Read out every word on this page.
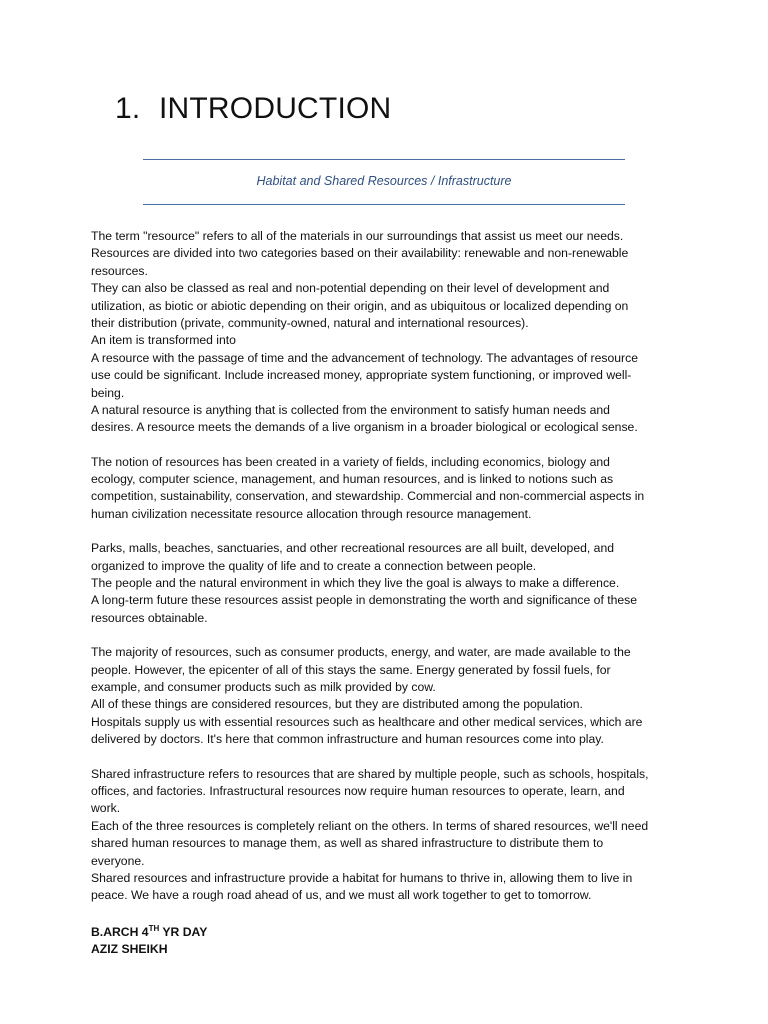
1. INTRODUCTION
Habitat and Shared Resources / Infrastructure
The term "resource" refers to all of the materials in our surroundings that assist us meet our needs.
Resources are divided into two categories based on their availability: renewable and non-renewable
resources.
They can also be classed as real and non-potential depending on their level of development and
utilization, as biotic or abiotic depending on their origin, and as ubiquitous or localized depending on
their distribution (private, community-owned, natural and international resources).
An item is transformed into
A resource with the passage of time and the advancement of technology. The advantages of resource
use could be significant. Include increased money, appropriate system functioning, or improved well-
being.
A natural resource is anything that is collected from the environment to satisfy human needs and
desires. A resource meets the demands of a live organism in a broader biological or ecological sense.
The notion of resources has been created in a variety of fields, including economics, biology and
ecology, computer science, management, and human resources, and is linked to notions such as
competition, sustainability, conservation, and stewardship. Commercial and non-commercial aspects in
human civilization necessitate resource allocation through resource management.
Parks, malls, beaches, sanctuaries, and other recreational resources are all built, developed, and
organized to improve the quality of life and to create a connection between people.
The people and the natural environment in which they live the goal is always to make a difference.
A long-term future these resources assist people in demonstrating the worth and significance of these
resources obtainable.
The majority of resources, such as consumer products, energy, and water, are made available to the
people. However, the epicenter of all of this stays the same. Energy generated by fossil fuels, for
example, and consumer products such as milk provided by cow.
All of these things are considered resources, but they are distributed among the population.
Hospitals supply us with essential resources such as healthcare and other medical services, which are
delivered by doctors. It's here that common infrastructure and human resources come into play.
Shared infrastructure refers to resources that are shared by multiple people, such as schools, hospitals,
offices, and factories. Infrastructural resources now require human resources to operate, learn, and
work.
Each of the three resources is completely reliant on the others. In terms of shared resources, we'll need
shared human resources to manage them, as well as shared infrastructure to distribute them to
everyone.
Shared resources and infrastructure provide a habitat for humans to thrive in, allowing them to live in
peace. We have a rough road ahead of us, and we must all work together to get to tomorrow.
B.ARCH 4TH YR DAY
AZIZ SHEIKH
